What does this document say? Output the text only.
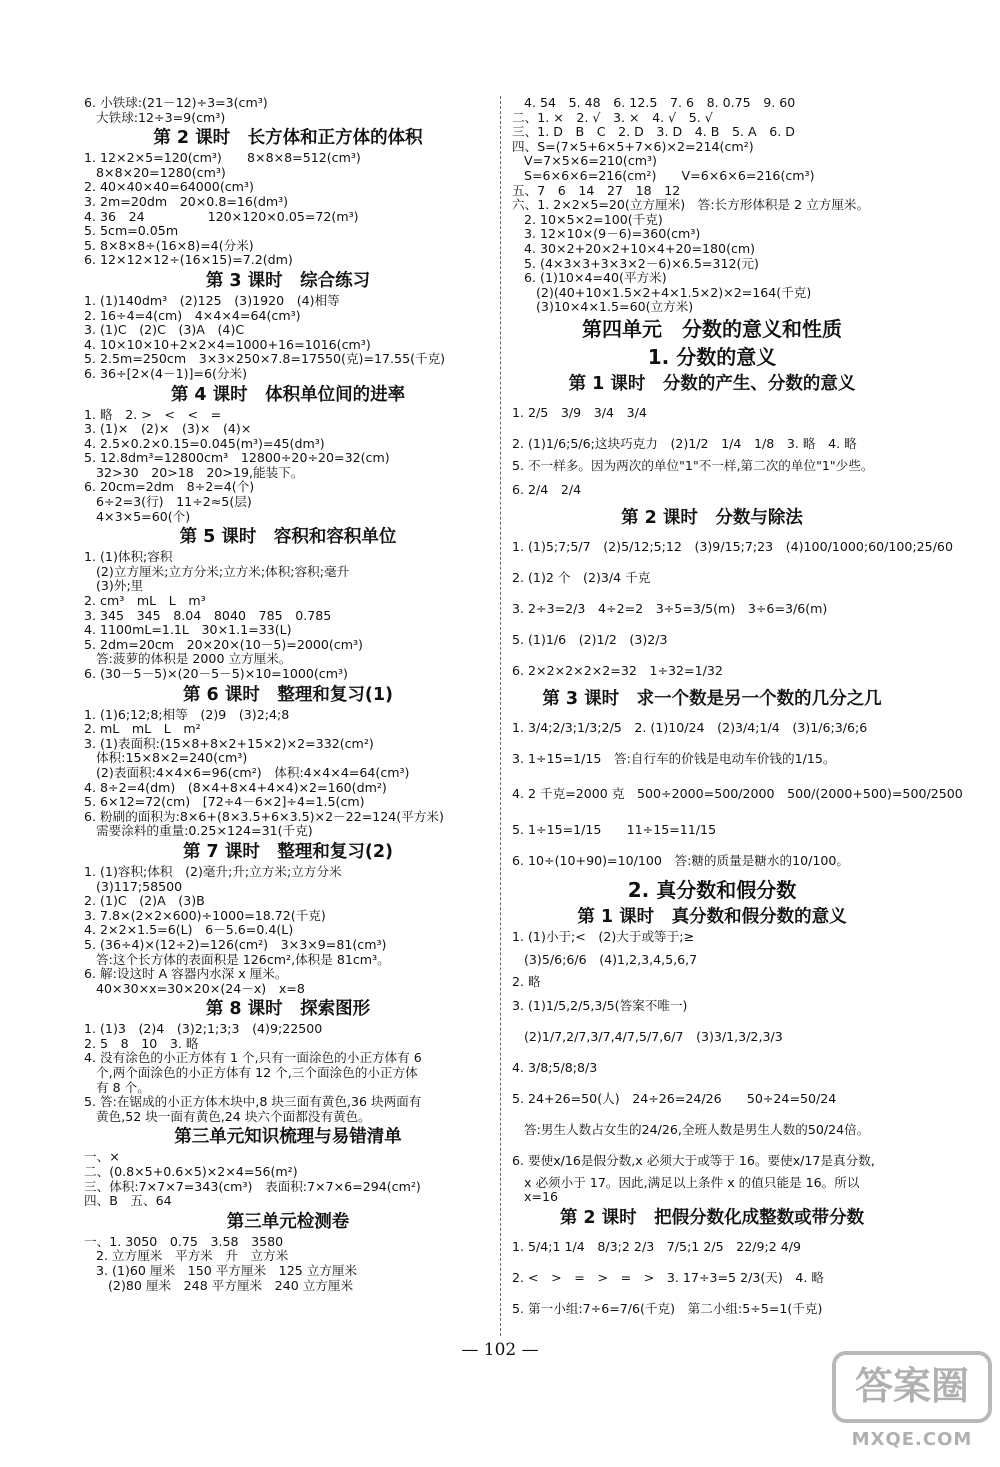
6. 小铁球:(21－12)÷3=3(cm³)
大铁球:12÷3=9(cm³)
第 2 课时　长方体和正方体的体积
1. 12×2×5=120(cm³)　　8×8×8=512(cm³)
8×8×20=1280(cm³)
2. 40×40×40=64000(cm³)
3. 2m=20dm　20×0.8=16(dm³)
4. 36　24　　　　　120×120×0.05=72(m³)
5. 5cm=0.05m
5. 8×8×8÷(16×8)=4(分米)
6. 12×12×12÷(16×15)=7.2(dm)
第 3 课时　综合练习
1. (1)140dm³　(2)125　(3)1920　(4)相等
2. 16÷4=4(cm)　4×4×4=64(cm³)
3. (1)C　(2)C　(3)A　(4)C
4. 10×10×10+2×2×4=1000+16=1016(cm³)
5. 2.5m=250cm　3×3×250×7.8=17550(克)=17.55(千克)
6. 36÷[2×(4－1)]=6(分米)
第 4 课时　体积单位间的进率
1. 略　2. >　<　<　=
3. (1)×　(2)×　(3)×　(4)×
4. 2.5×0.2×0.15=0.045(m³)=45(dm³)
5. 12.8dm³=12800cm³　12800÷20÷20=32(cm)
32>30　20>18　20>19,能装下。
6. 20cm=2dm　8÷2=4(个)
6÷2=3(行)　11÷2≈5(层)
4×3×5=60(个)
第 5 课时　容积和容积单位
1. (1)体积;容积
(2)立方厘米;立方分米;立方米;体积;容积;毫升
(3)外;里
2. cm³　mL　L　m³
3. 345　345　8.04　8040　785　0.785
4. 1100mL=1.1L　30×1.1=33(L)
5. 2dm=20cm　20×20×(10－5)=2000(cm³)
答:菠萝的体积是 2000 立方厘米。
6. (30－5－5)×(20－5－5)×10=1000(cm³)
第 6 课时　整理和复习(1)
1. (1)6;12;8;相等　(2)9　(3)2;4;8
2. mL　mL　L　m²
3. (1)表面积:(15×8+8×2+15×2)×2=332(cm²)
体积:15×8×2=240(cm³)
(2)表面积:4×4×6=96(cm²)　体积:4×4×4=64(cm³)
4. 8÷2=4(dm)　(8×4+8×4+4×4)×2=160(dm²)
5. 6×12=72(cm)　[72÷4－6×2]÷4=1.5(cm)
6. 粉刷的面积为:8×6+(8×3.5+6×3.5)×2－22=124(平方米)
需要涂料的重量:0.25×124=31(千克)
第 7 课时　整理和复习(2)
1. (1)容积;体积　(2)毫升;升;立方米;立方分米
(3)117;58500
2. (1)C　(2)A　(3)B
3. 7.8×(2×2×600)÷1000=18.72(千克)
4. 2×2×1.5=6(L)　6－5.6=0.4(L)
5. (36÷4)×(12÷2)=126(cm²)　3×3×9=81(cm³)
答:这个长方体的表面积是 126cm²,体积是 81cm³。
6. 解:设这时 A 容器内水深 x 厘米。
40×30×x=30×20×(24－x)　x=8
第 8 课时　探索图形
1. (1)3　(2)4　(3)2;1;3;3　(4)9;22500
2. 5　8　10　3. 略
4. 没有涂色的小正方体有 1 个,只有一面涂色的小正方体有 6
个,两个面涂色的小正方体有 12 个,三个面涂色的小正方体
有 8 个。
5. 答:在锯成的小正方体木块中,8 块三面有黄色,36 块两面有
黄色,52 块一面有黄色,24 块六个面都没有黄色。
第三单元知识梳理与易错清单
一、×
二、(0.8×5+0.6×5)×2×4=56(m²)
三、体积:7×7×7=343(cm³)　表面积:7×7×6=294(cm²)
四、B　五、64
第三单元检测卷
一、1. 3050　0.75　3.58　3580
2. 立方厘米　平方米　升　立方米
3. (1)60 厘米　150 平方厘米　125 立方厘米
(2)80 厘米　248 平方厘米　240 立方厘米
4. 54　5. 48　6. 12.5　7. 6　8. 0.75　9. 60
二、1. ×　2. √　3. ×　4. √　5. √
三、1. D　B　C　2. D　3. D　4. B　5. A　6. D
四、S=(7×5+6×5+7×6)×2=214(cm²)
V=7×5×6=210(cm³)
S=6×6×6=216(cm²)　　V=6×6×6=216(cm³)
五、7　6　14　27　18　12
六、1. 2×2×5=20(立方厘米)　答:长方形体积是 2 立方厘米。
2. 10×5×2=100(千克)
3. 12×10×(9－6)=360(cm³)
4. 30×2+20×2+10×4+20=180(cm)
5. (4×3×3+3×3×2－6)×6.5=312(元)
6. (1)10×4=40(平方米)
(2)(40+10×1.5×2+4×1.5×2)×2=164(千克)
(3)10×4×1.5=60(立方米)
第四单元　分数的意义和性质
1. 分数的意义
第 1 课时　分数的产生、分数的意义
1. 2/5　3/9　3/4　3/4
2. (1)1/6;5/6;这块巧克力　(2)1/2　1/4　1/8　3. 略　4. 略
5. 不一样多。因为两次的单位"1"不一样,第二次的单位"1"少些。
6. 2/4　2/4
第 2 课时　分数与除法
1. (1)5;7;5/7　(2)5/12;5;12　(3)9/15;7;23　(4)100/1000;60/100;25/60
2. (1)2 个　(2)3/4 千克
3. 2÷3=2/3　4÷2=2　3÷5=3/5(m)　3÷6=3/6(m)
5. (1)1/6　(2)1/2　(3)2/3
6. 2×2×2×2×2=32　1÷32=1/32
第 3 课时　求一个数是另一个数的几分之几
1. 3/4;2/3;1/3;2/5　2. (1)10/24　(2)3/4;1/4　(3)1/6;3/6;6
3. 1÷15=1/15　答:自行车的价钱是电动车价钱的1/15。
4. 2 千克=2000 克　500÷2000=500/2000　500/(2000+500)=500/2500
5. 1÷15=1/15　　11÷15=11/15
6. 10÷(10+90)=10/100　答:糖的质量是糖水的10/100。
2. 真分数和假分数
第 1 课时　真分数和假分数的意义
1. (1)小于;<　(2)大于或等于;≥
(3)5/6;6/6　(4)1,2,3,4,5,6,7
2. 略
3. (1)1/5,2/5,3/5(答案不唯一)
(2)1/7,2/7,3/7,4/7,5/7,6/7　(3)3/1,3/2,3/3
4. 3/8;5/8;8/3
5. 24+26=50(人)　24÷26=24/26　　50÷24=50/24
答:男生人数占女生的24/26,全班人数是男生人数的50/24倍。
6. 要使x/16是假分数,x 必须大于或等于 16。要使x/17是真分数,
x 必须小于 17。因此,满足以上条件 x 的值只能是 16。所以
x=16
第 2 课时　把假分数化成整数或带分数
1. 5/4;1 1/4　8/3;2 2/3　7/5;1 2/5　22/9;2 4/9
2. <　>　=　>　=　>　3. 17÷3=5 2/3(天)　4. 略
5. 第一小组:7÷6=7/6(千克)　第二小组:5÷5=1(千克)
— 102 —
答案圈
MXQE.COM
